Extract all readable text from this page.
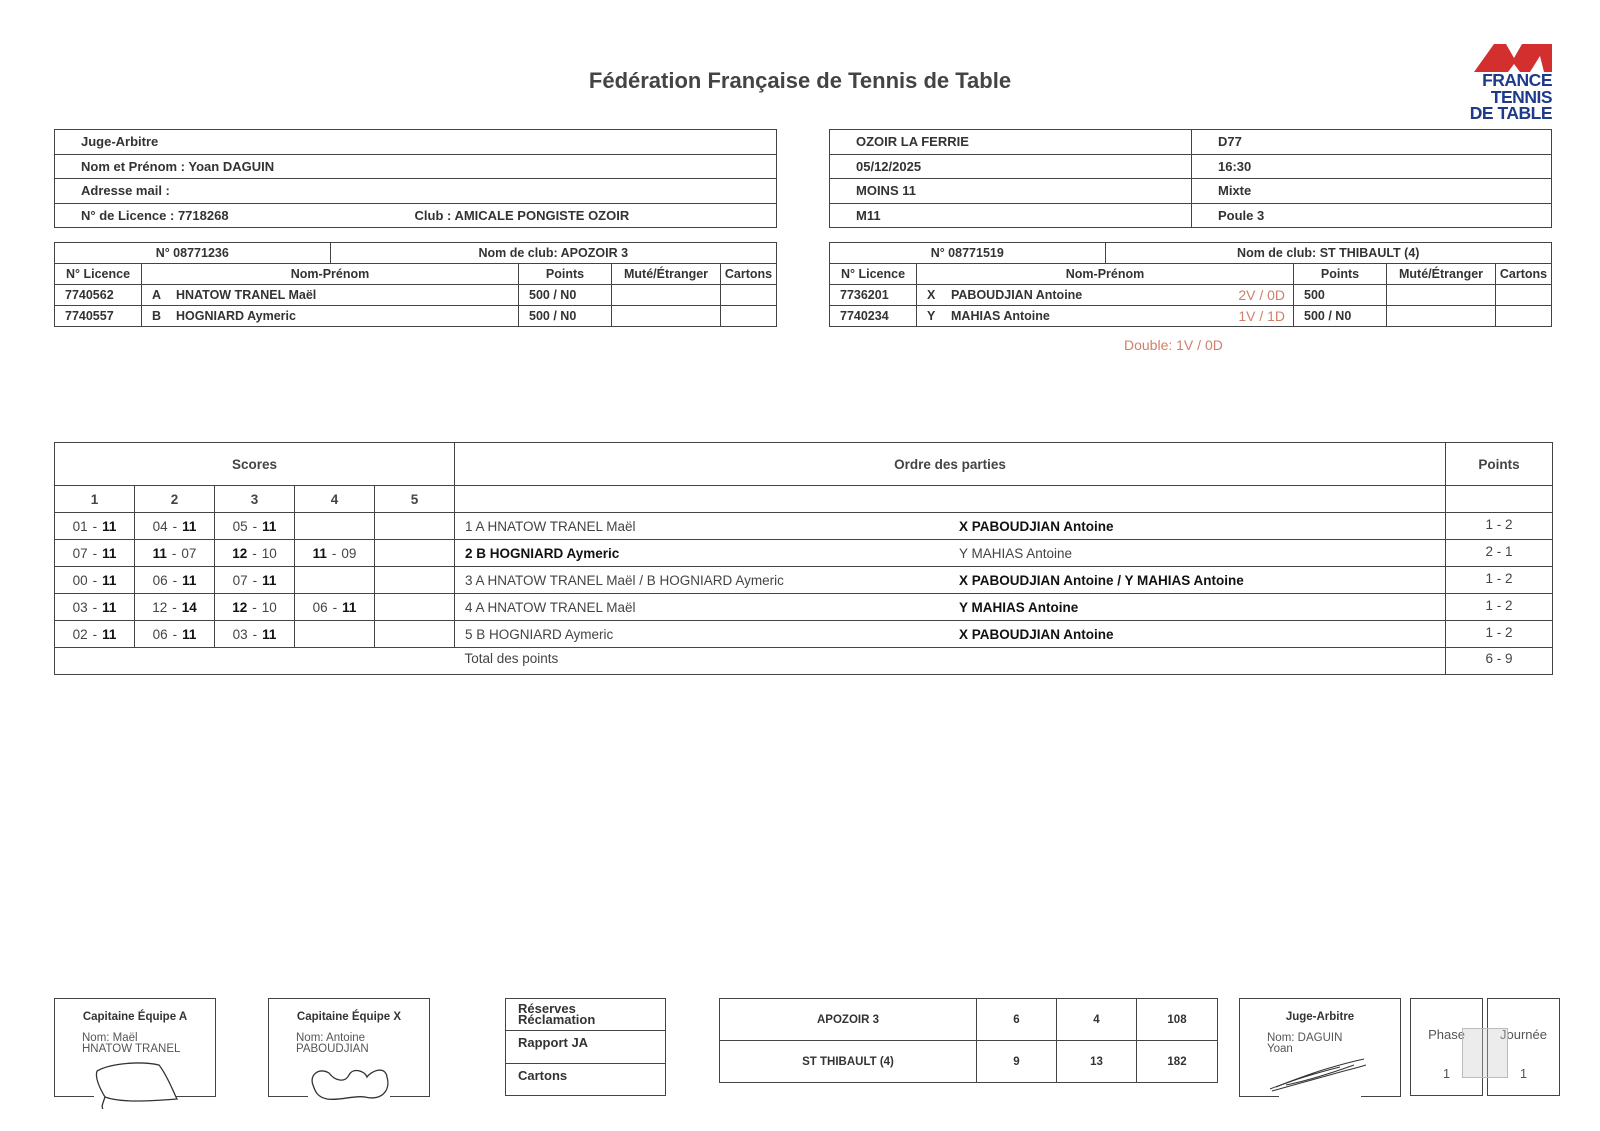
Fédération Française de Tennis de Table	FRANCE
TENNIS
DE TABLE
Juge-Arbitre
Nom et Prénom : Yoan DAGUIN
Adresse mail :
N° de Licence : 7718268	Club : AMICALE PONGISTE OZOIR
OZOIR LA FERRIE	D77
05/12/2025	16:30
MOINS 11	Mixte
M11	Poule 3
N° 08771236		Nom de club: APOZOIR 3			
N° Licence	Nom-Prénom		Points	Muté/Étranger	Cartons
7740562	A HNATOW TRANEL Maël		500 / N0		
7740557	B HOGNIARD Aymeric		500 / N0		
N° 08771519		Nom de club: ST THIBAULT (4)			
N° Licence	Nom-Prénom		Points	Muté/Étranger	Cartons
7736201	X PABOUDJIAN Antoine 2V / 0D		500		
7740234	Y MAHIAS Antoine 1V / 1D		500 / N0		
Double: 1V / 0D
Scores					Ordre des parties	Points
1	2	3	4	5		
01 - 11	04 - 11	05 - 11			1 A HNATOW TRANEL Maël X PABOUDJIAN Antoine	1 - 2
07 - 11	11 - 07	12 - 10	11 - 09		2 B HOGNIARD Aymeric Y MAHIAS Antoine	2 - 1
00 - 11	06 - 11	07 - 11			3 A HNATOW TRANEL Maël / B HOGNIARD Aymeric X PABOUDJIAN Antoine / Y MAHIAS Antoine	1 - 2
03 - 11	12 - 14	12 - 10	06 - 11		4 A HNATOW TRANEL Maël Y MAHIAS Antoine	1 - 2
02 - 11	06 - 11	03 - 11			5 B HOGNIARD Aymeric X PABOUDJIAN Antoine	1 - 2
					Total des points	6 - 9
Capitaine Équipe A
Nom: Maël
HNATOW TRANEL
Capitaine Équipe X
Nom: Antoine
PABOUDJIAN
Réserves
Réclamation
Rapport JA
Cartons
APOZOIR 3	6	4	108
ST THIBAULT (4)	9	13	182
Juge-Arbitre
Nom: DAGUIN
Yoan
Phase
1
Journée
1
